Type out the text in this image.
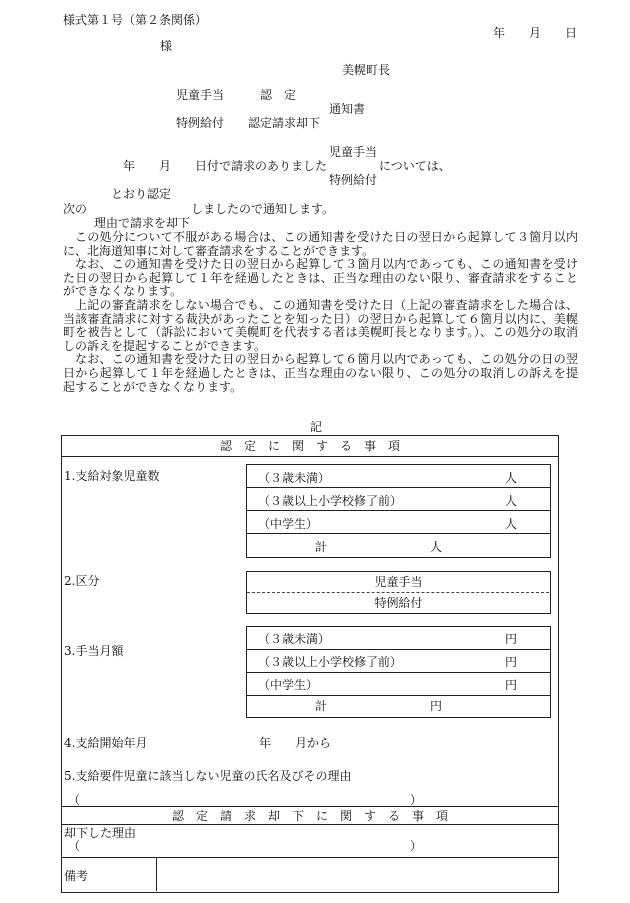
様式第１号（第２条関係）
年 月 日
様
美幌町長
児童手当	認　定
通知書
特例給付 認定請求却下
児童手当
年　　月　　日付で請求のありました	については、
特例給付
とおり認定
次の	しましたので通知します。
理由で請求を却下

この処分について不服がある場合は、この通知書を受けた日の翌日から起算して３箇月以内に、北海道知事に対して審査請求をすることができます。

なお、この通知書を受けた日の翌日から起算して３箇月以内であっても、この通知書を受けた日の翌日から起算して１年を経過したときは、正当な理由のない限り、審査請求をすることができなくなります。

上記の審査請求をしない場合でも、この通知書を受けた日（上記の審査請求をした場合は、当該審査請求に対する裁決があったことを知った日）の翌日から起算して６箇月以内に、美幌町を被告として（訴訟において美幌町を代表する者は美幌町長となります。）、この処分の取消しの訴えを提起することができます。

なお、この通知書を受けた日の翌日から起算して６箇月以内であっても、この処分の日の翌日から起算して１年を経過したときは、正当な理由のない限り、この処分の取消しの訴えを提起することができなくなります。

記
認　定　に　関　す　る　事　項
1.支給対象児童数	（３歳未満）	人
（３歳以上小学校修了前）	人
（中学生）	人
計	人
2.区分	児童手当
特例給付
3.手当月額
（３歳未満）	円
（３歳以上小学校修了前）	円
（中学生）	円
計	円
4.支給開始年月	年　　月から
5.支給要件児童に該当しない児童の氏名及びその理由
（	）
認　定　請　求　却　下　に　関　す　る　事　項
却下した理由
（	）
備考
